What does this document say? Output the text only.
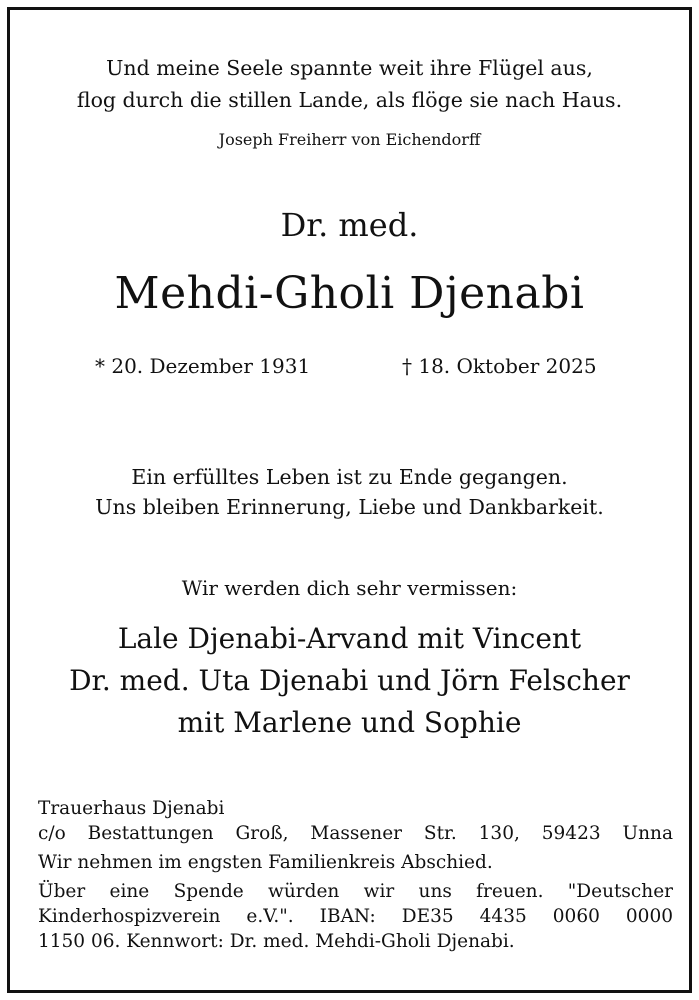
Und meine Seele spannte weit ihre Flügel aus,
flog durch die stillen Lande, als flöge sie nach Haus.
Joseph Freiherr von Eichendorff
Dr. med.
Mehdi-Gholi Djenabi
* 20. Dezember 1931	† 18. Oktober 2025
Ein erfülltes Leben ist zu Ende gegangen.
Uns bleiben Erinnerung, Liebe und Dankbarkeit.
Wir werden dich sehr vermissen:
Lale Djenabi-Arvand mit Vincent
Dr. med. Uta Djenabi und Jörn Felscher
mit Marlene und Sophie
Trauerhaus Djenabi
c/o Bestattungen Groß, Massener Str. 130, 59423 Unna
Wir nehmen im engsten Familienkreis Abschied.
Über eine Spende würden wir uns freuen. "Deutscher
Kinderhospizverein e.V.". IBAN: DE35 4435 0060 0000
1150 06. Kennwort: Dr. med. Mehdi-Gholi Djenabi.
